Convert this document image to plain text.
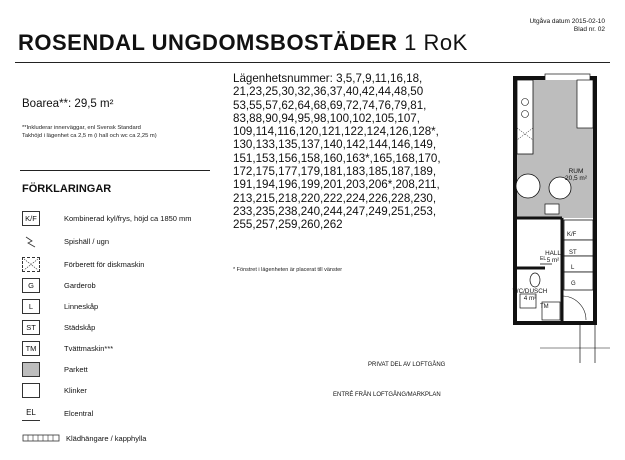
ROSENDAL UNGDOMSBOSTÄDER 1 RoK
Utgåva datum 2015-02-10
Blad nr. 02
Boarea**: 29,5 m²
**Inkluderar innerväggar, enl Svensk Standard
Takhöjd i lägenhet ca 2,5 m (i hall och wc ca 2,25 m)
FÖRKLARINGAR
K/F	Kombinerad kyl/frys, höjd ca 1850 mm
Spishäll / ugn
Förberett för diskmaskin
G	Garderob
L	Linneskåp
ST	Städskåp
TM	Tvättmaskin***
Parkett
Klinker
EL	Elcentral
Klädhängare / kapphylla
Lägenhetsnummer: 3,5,7,9,11,16,18, 21,23,25,30,32,36,37,40,42,44,48,50 53,55,57,62,64,68,69,72,74,76,79,81, 83,88,90,94,95,98,100,102,105,107, 109,114,116,120,121,122,124,126,128*, 130,133,135,137,140,142,144,146,149, 151,153,156,158,160,163*,165,168,170, 172,175,177,179,181,183,185,187,189, 191,194,196,199,201,203,206*,208,211, 213,215,218,220,222,224,226,228,230, 233,235,238,240,244,247,249,251,253, 255,257,259,260,262
* Fönstret i lägenheten är placerat till vänster
RUM
20,5 m²
HALL
5 m²
WC/DUSCH
4 m²
K/F
ST
L
G
TM
EL
PRIVAT DEL AV LOFTGÅNG
ENTRÉ FRÅN LOFTGÅNG/MARKPLAN
